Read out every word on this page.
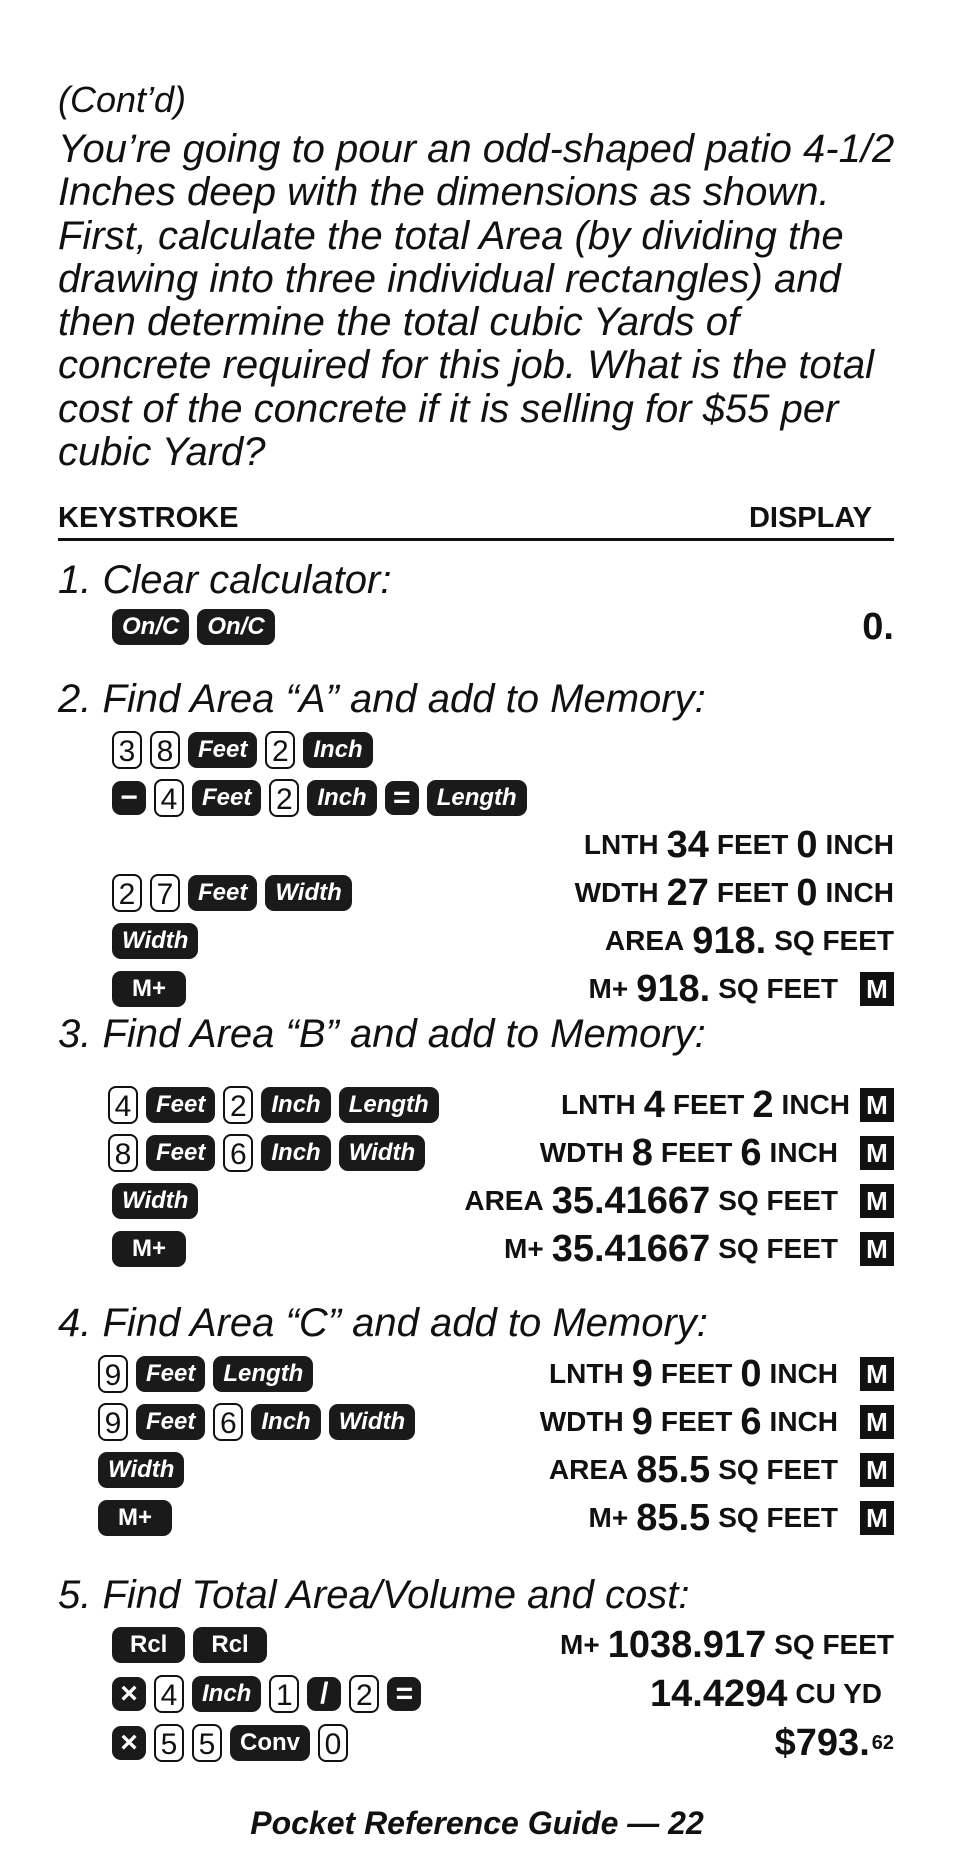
(Cont’d)

You’re going to pour an odd-shaped patio 4-1/2 Inches deep with the dimensions as shown. First, calculate the total Area (by dividing the drawing into three individual rectangles) and then determine the total cubic Yards of concrete required for this job. What is the total cost of the concrete if it is selling for $55 per cubic Yard?

KEYSTROKE	DISPLAY
1. Clear calculator:
On/C	On/C	0.
2. Find Area “A” and add to Memory:
3 8	Feet 2	Inch
− 4	Feet 2	Inch =	Length
LNTH 34 FEET 0 INCH
2 7	Feet	Width	WDTH 27 FEET 0 INCH
Width	AREA 918. SQ FEET
M+	M+ 918. SQ FEET M
3. Find Area “B” and add to Memory:
4	Feet 2	Inch	Length	LNTH 4 FEET 2 INCH M
8	Feet 6	Inch	Width	WDTH 8 FEET 6 INCH M
Width	AREA 35.41667 SQ FEET M
M+	M+ 35.41667 SQ FEET M
4. Find Area “C” and add to Memory:
9	Feet	Length	LNTH 9 FEET 0 INCH M
9	Feet 6	Inch	Width	WDTH 9 FEET 6 INCH M
Width	AREA 85.5 SQ FEET M
M+	M+ 85.5 SQ FEET M
5. Find Total Area/Volume and cost:
Rcl	Rcl	M+ 1038.917 SQ FEET
× 4	Inch 1 / 2 =	14.4294 CU YD
× 5 5	Conv 0	$793. 62
Pocket Reference Guide — 22
